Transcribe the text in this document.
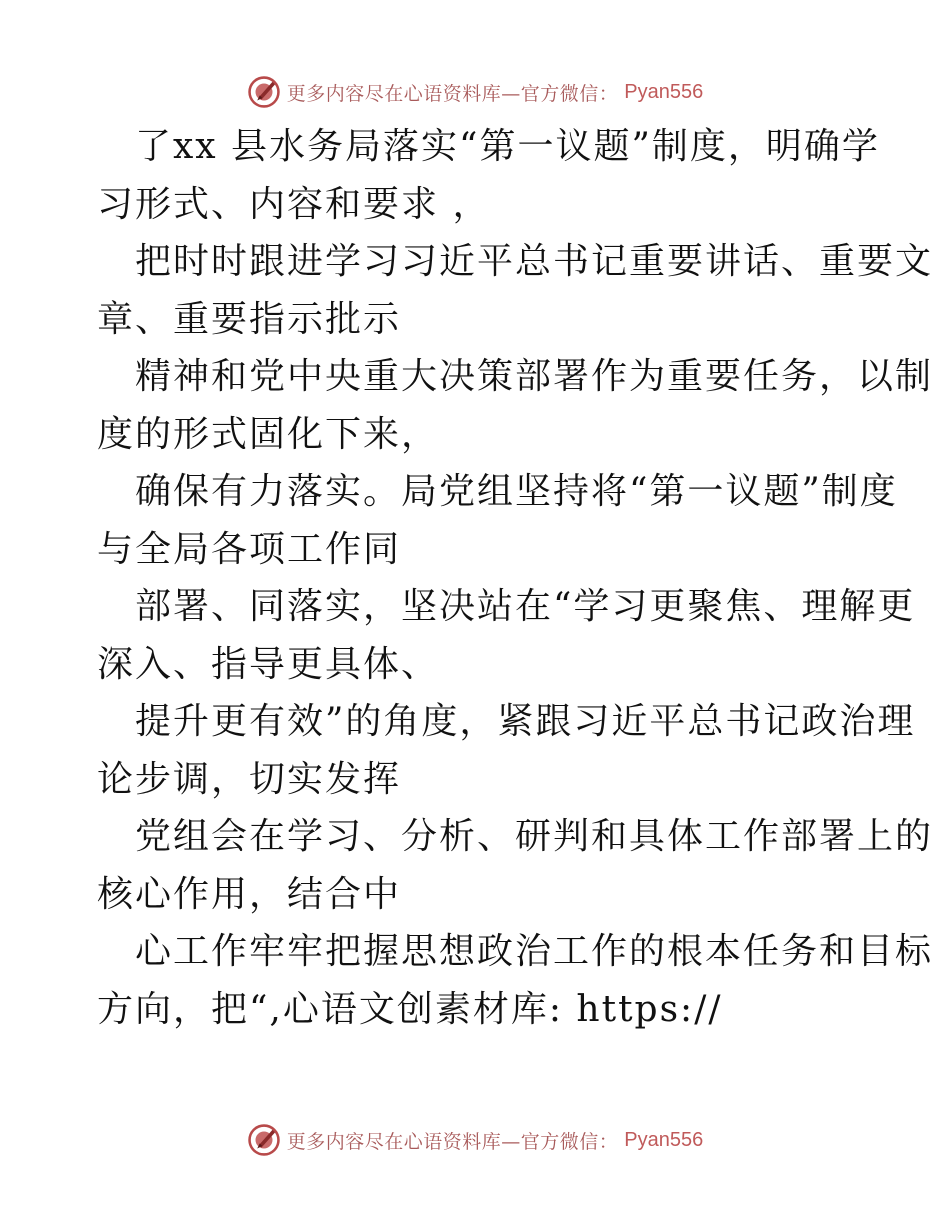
更多内容尽在心语资料库—官方微信： Pyan556
了xx 县水务局落实“第一议题”制度，明确学
习形式、内容和要求 ，
把时时跟进学习习近平总书记重要讲话、重要文
章、重要指示批示
精神和党中央重大决策部署作为重要任务，以制
度的形式固化下来，
确保有力落实。局党组坚持将“第一议题”制度
与全局各项工作同
部署、同落实，坚决站在“学习更聚焦、理解更
深入、指导更具体、
提升更有效”的角度，紧跟习近平总书记政治理
论步调，切实发挥
党组会在学习、分析、研判和具体工作部署上的
核心作用，结合中
心工作牢牢把握思想政治工作的根本任务和目标
方向，把“,心语文创素材库: https://
更多内容尽在心语资料库—官方微信： Pyan556
